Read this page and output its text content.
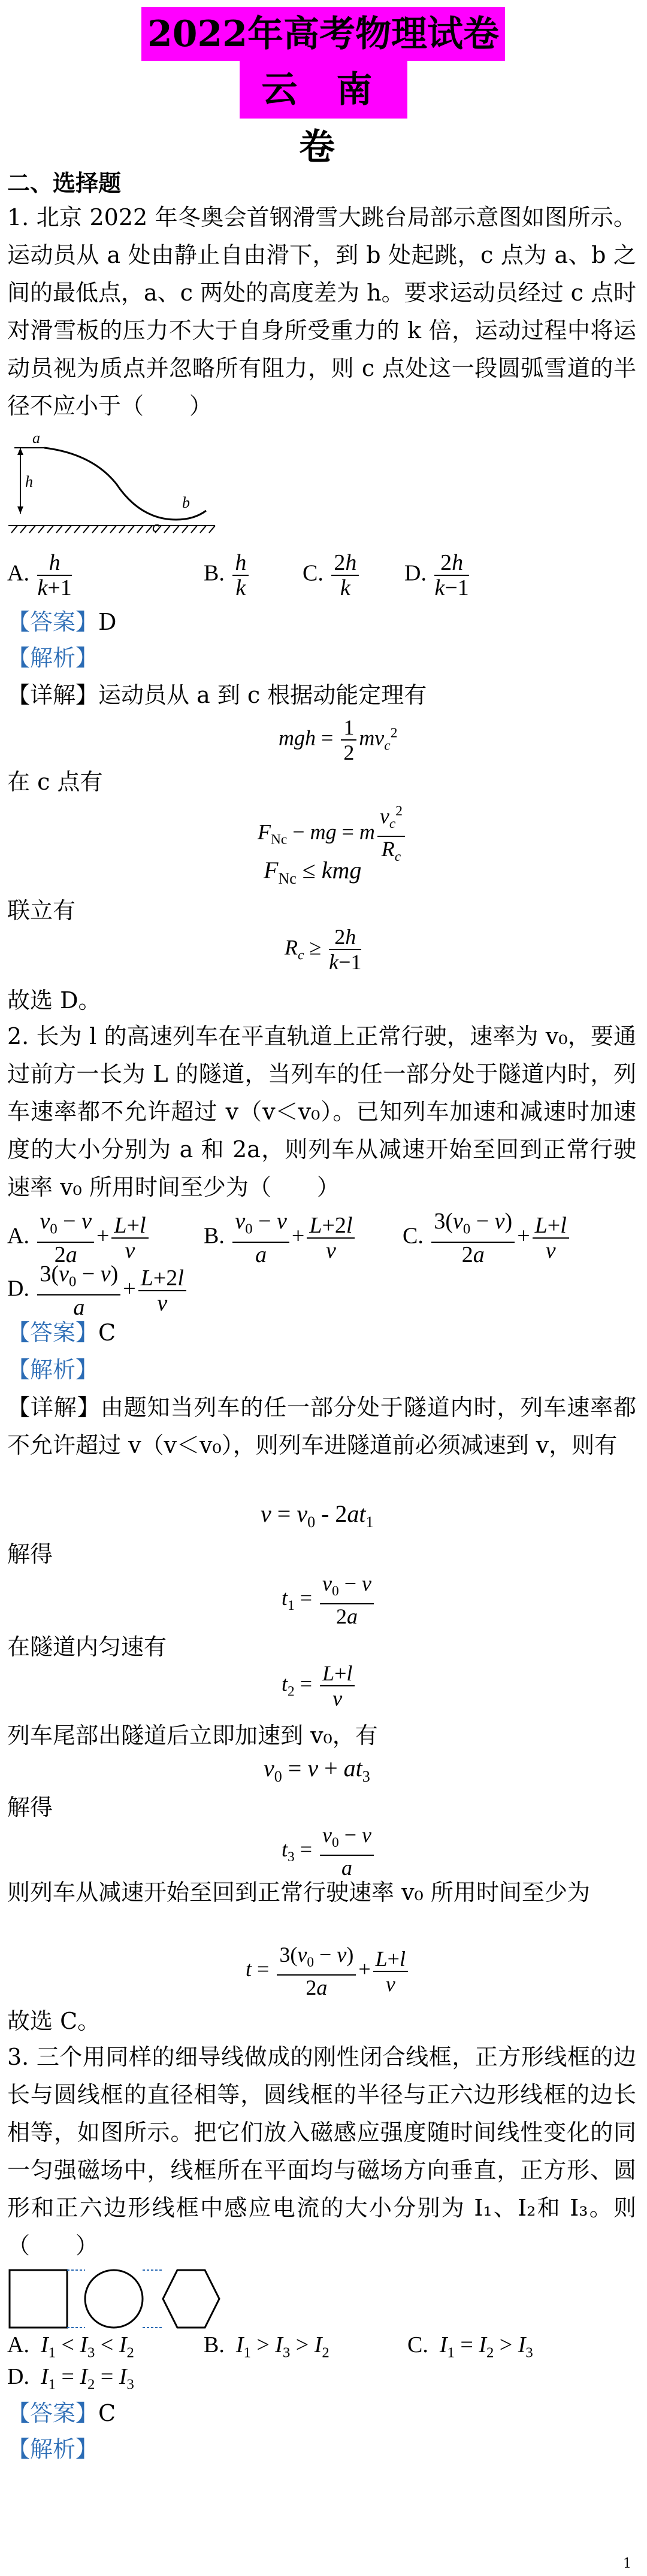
2022年高考物理试卷
云 南 卷
二、选择题
1. 北京 2022 年冬奥会首钢滑雪大跳台局部示意图如图所示。运动员从 a 处由静止自由滑下，到 b 处起跳，c 点为 a、b 之间的最低点，a、c 两处的高度差为 h。要求运动员经过 c 点时对滑雪板的压力不大于自身所受重力的 k 倍，运动过程中将运动员视为质点并忽略所有阻力，则 c 点处这一段圆弧雪道的半径不应小于（　　）
a
h
c
b
A. $\frac{h}{k+1}$	B. $\frac{h}{k} C$. $\frac{2h}{k} D$. $\frac{2h}{k-1}$
【答案】D
【解析】
【详解】运动员从 a 到 c 根据动能定理有
mgh = $\frac{1}{2} mv_c^2$
在 c 点有
$F_{Nc}$ − mg = m $\frac{v_c^2}{R_c}$
$F_{Nc}$ ≤ kmg
联立有
$R_c \ge \frac{2h}{k-1}$
故选 D。
2. 长为 l 的高速列车在平直轨道上正常行驶，速率为 v₀，要通过前方一长为 L 的隧道，当列车的任一部分处于隧道内时，列车速率都不允许超过 v（v＜v₀）。已知列车加速和减速时加速度的大小分别为 a 和 2a，则列车从减速开始至回到正常行驶速率 v₀ 所用时间至少为（　　）
A. $\frac{v_0 - v}{2a} + \frac{L+l}{v} B$. $\frac{v_0 - v}{a} + \frac{L+2l}{v} C$. $\frac{3(v_0 - v)}{2a} + \frac{L+l}{v}$
D. $\frac{3(v_0 - v)}{a} + \frac{L+2l}{v}$
【答案】C
【解析】
【详解】由题知当列车的任一部分处于隧道内时，列车速率都不允许超过 v（v＜v₀），则列车进隧道前必须减速到 v，则有
$v = v_0 - 2at_1$
解得
$t_1 = \frac{v_0 - v}{2a}$
在隧道内匀速有
$t_2 = \frac{L+l}{v}$
列车尾部出隧道后立即加速到 v₀，有
$v_0 = v + at_3$
解得
$t_3 = \frac{v_0 - v}{a}$
则列车从减速开始至回到正常行驶速率 v₀ 所用时间至少为
$t = \frac{3(v_0 - v)}{2a} + \frac{L+l}{v}$
故选 C。
3. 三个用同样的细导线做成的刚性闭合线框，正方形线框的边长与圆线框的直径相等，圆线框的半径与正六边形线框的边长相等，如图所示。把它们放入磁感应强度随时间线性变化的同一匀强磁场中，线框所在平面均与磁场方向垂直，正方形、圆形和正六边形线框中感应电流的大小分别为 I₁、I₂和 I₃。则（　　）
A.  $I_1 < I_3 < I_2$	B.  $I_1 > I_3 > I_2$	C.  $I_1 = I_2 > I_3$
D.  $I_1 = I_2 = I_3$
【答案】C
【解析】
1
